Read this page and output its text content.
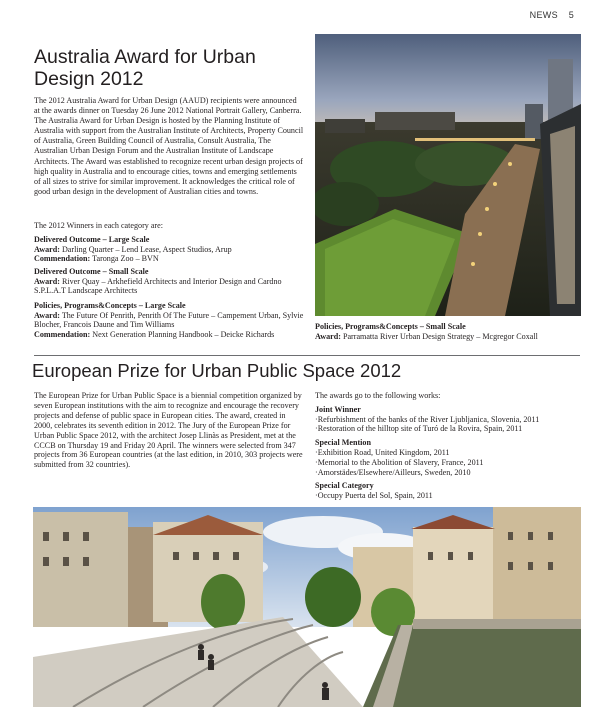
NEWS 5
Australia Award for Urban Design 2012

The 2012 Australia Award for Urban Design (AAUD) recipients were announced at the awards dinner on Tuesday 26 June 2012 National Portrait Gallery, Canberra. The Australia Award for Urban Design is hosted by the Planning Institute of Australia with support from the Australian Institute of Architects, Property Council of Australia, Green Building Council of Australia, Consult Australia, The Australian Urban Design Forum and the Australian Institute of Landscape Architects. The Award was established to recognize recent urban design projects of high quality in Australia and to encourage cities, towns and emerging settlements of all sizes to strive for similar improvement. It acknowledges the critical role of good urban design in the development of Australian cities and towns.

The 2012 Winners in each category are:

Delivered Outcome – Large Scale
Award: Darling Quarter – Lend Lease, Aspect Studios, Arup
Commendation: Taronga Zoo – BVN
Delivered Outcome – Small Scale
Award: River Quay – Arkhefield Architects and Interior Design and Cardno S.P.L.A.T Landscape Architects
Policies, Programs&Concepts – Large Scale
Award: The Future Of Penrith, Penrith Of The Future – Campement Urban, Sylvie Blocher, Francois Daune and Tim Williams
Commendation: Next Generation Planning Handbook – Deicke Richards
Policies, Programs&Concepts – Small Scale
Award: Parramatta River Urban Design Strategy – Mcgregor Coxall
European Prize for Urban Public Space 2012

The European Prize for Urban Public Space is a biennial competition organized by seven European institutions with the aim to recognize and encourage the recovery projects and defense of public space in European cities. The award, created in 2000, celebrates its seventh edition in 2012. The Jury of the European Prize for Urban Public Space 2012, with the architect Josep Llinàs as President, met at the CCCB on Thursday 19 and Friday 20 April. The winners were selected from 347 projects from 36 European countries (at the last edition, in 2010, 303 projects were submitted from 32 countries).

The awards go to the following works:
Joint Winner
·Refurbishment of the banks of the River Ljubljanica, Slovenia, 2011
·Restoration of the hilltop site of Turó de la Rovira, Spain, 2011
Special Mention
·Exhibition Road, United Kingdom, 2011
·Memorial to the Abolition of Slavery, France, 2011
·Amorstädes/Elsewhere/Ailleurs, Sweden, 2010
Special Category
·Occupy Puerta del Sol, Spain, 2011
